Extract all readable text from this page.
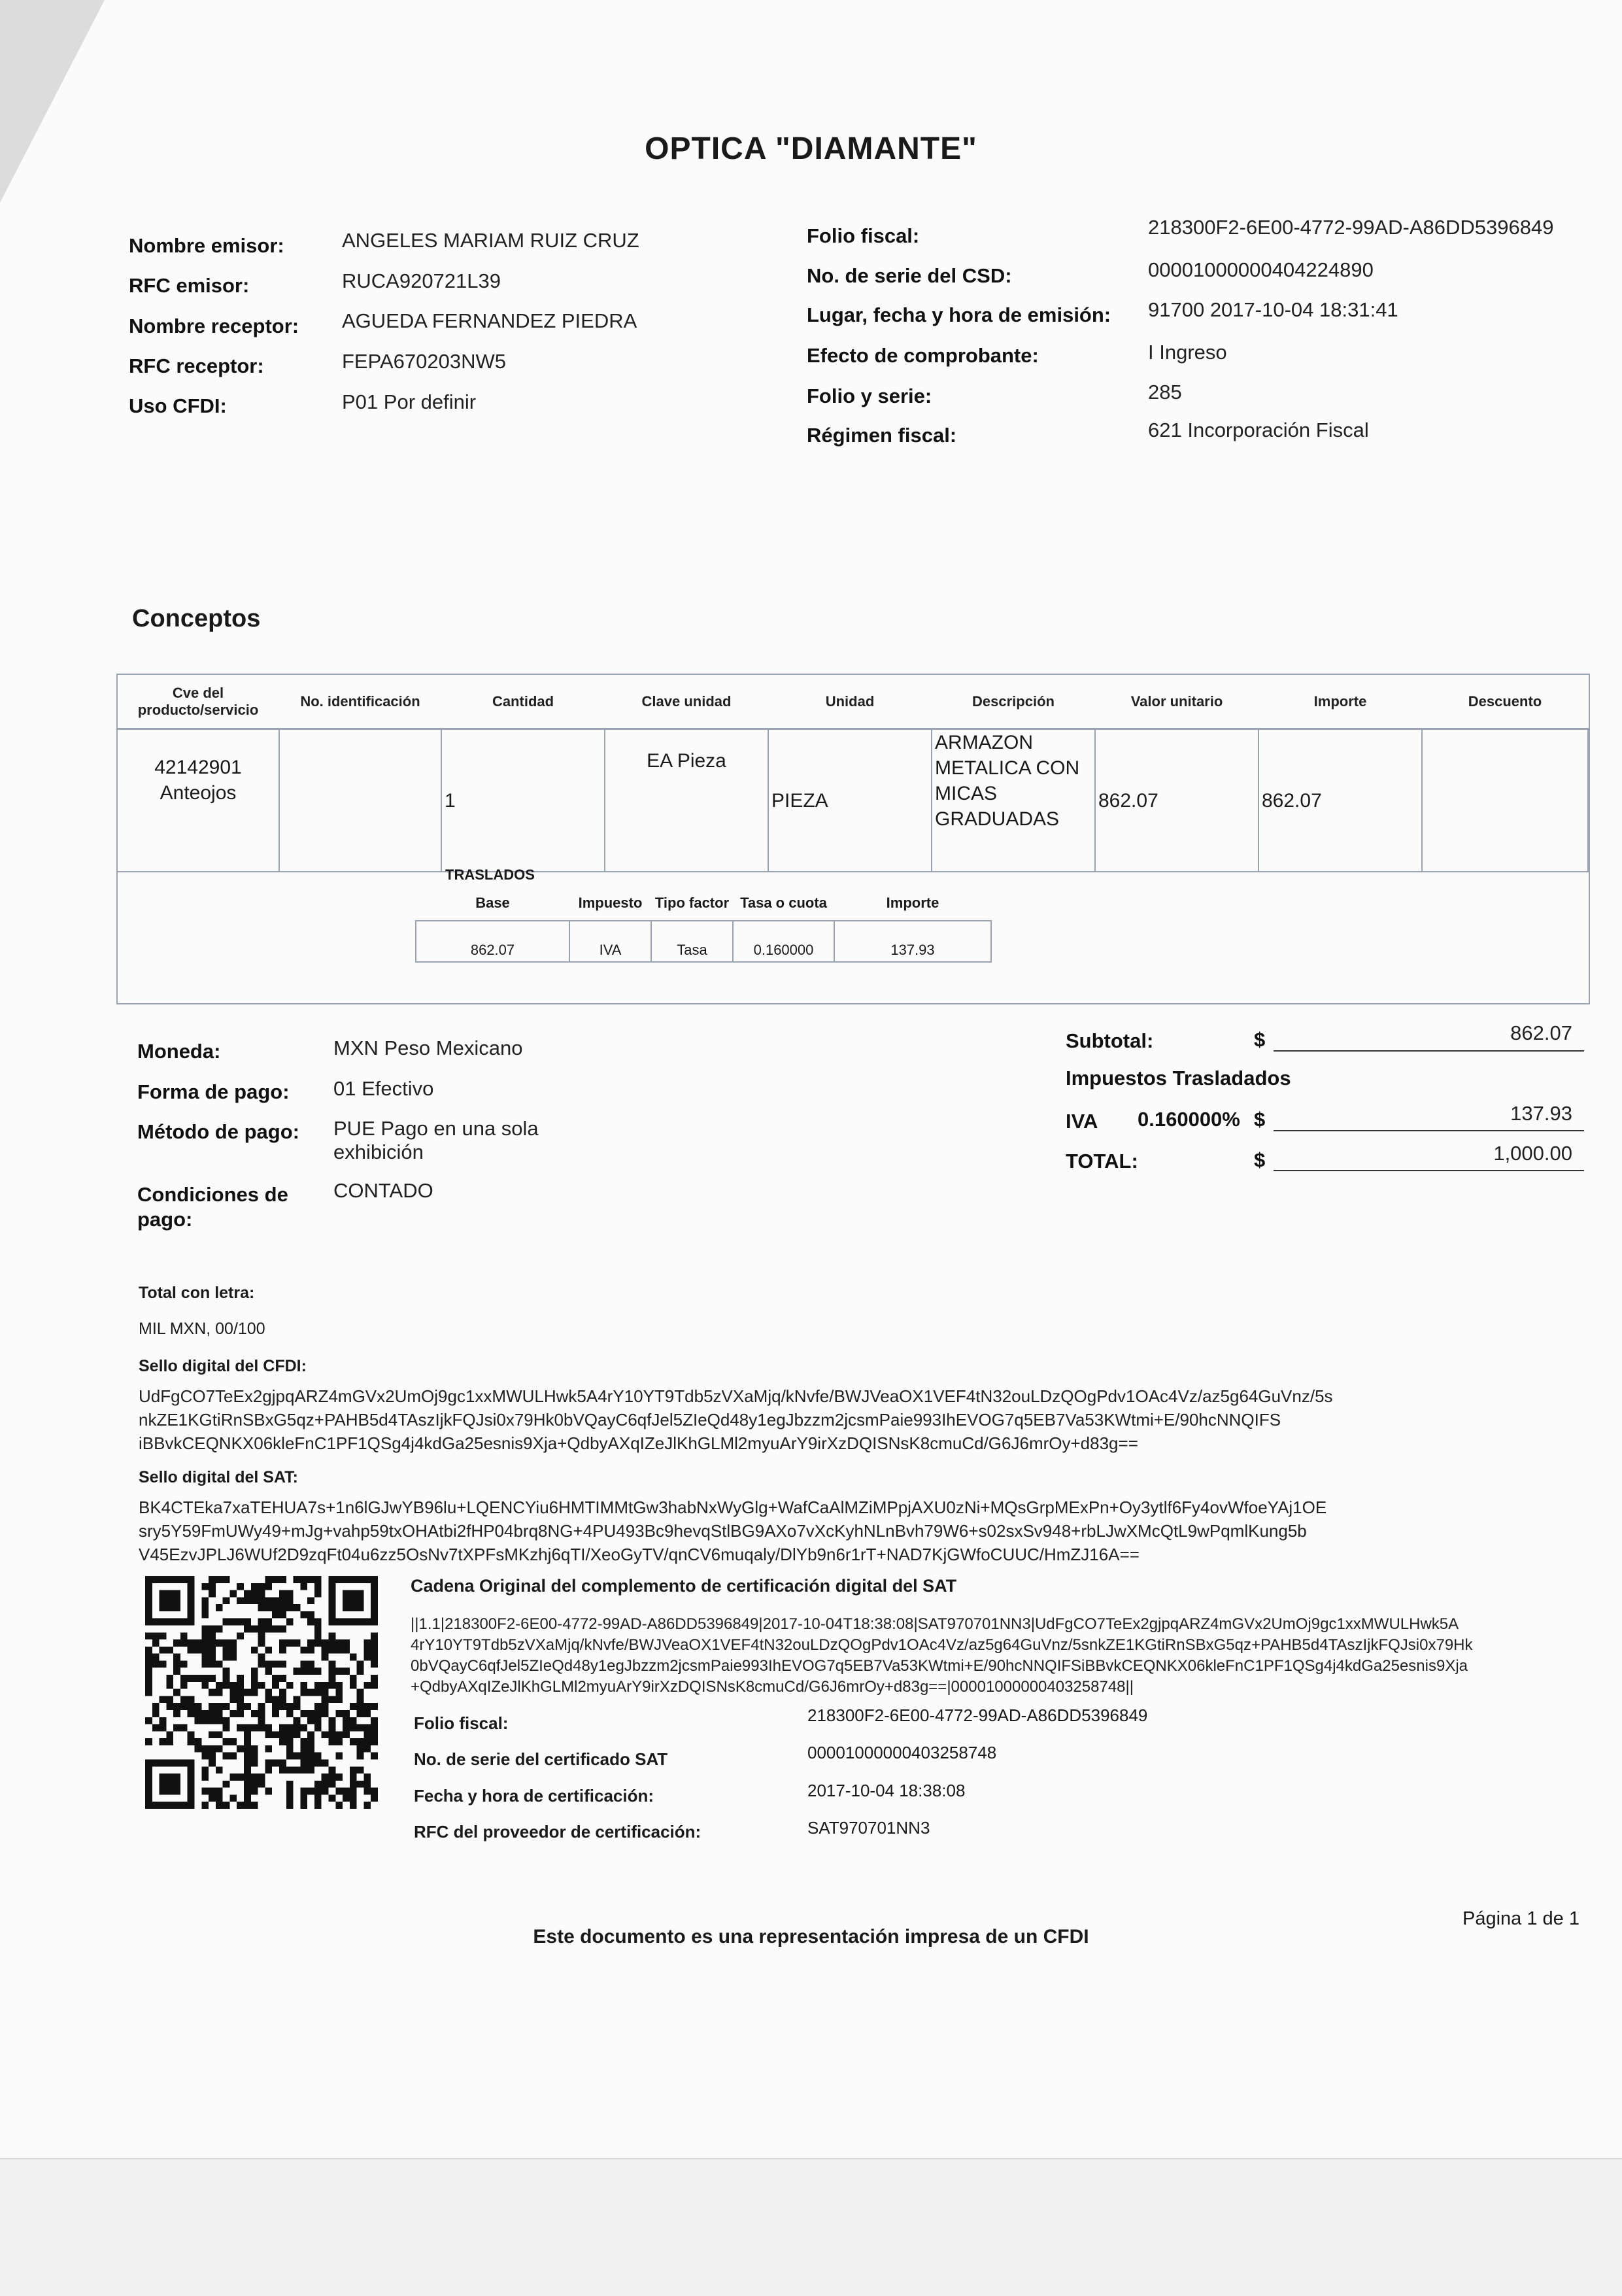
OPTICA "DIAMANTE"
Nombre emisor:	ANGELES MARIAM RUIZ CRUZ
RFC emisor:	RUCA920721L39
Nombre receptor: AGUEDA FERNANDEZ PIEDRA
RFC receptor:	FEPA670203NW5
Uso CFDI:	P01 Por definir
Folio fiscal:	218300F2-6E00-4772-99AD-A86DD5396849
No. de serie del CSD:	00001000000404224890
Lugar, fecha y hora de emisión: 91700 2017-10-04 18:31:41
Efecto de comprobante:	I Ingreso
Folio y serie:	285
Régimen fiscal:	621 Incorporación Fiscal
Conceptos
Cve del producto/servicio	No. identificación	Cantidad	Clave unidad	Unidad	Descripción	Valor unitario	Importe	Descuento

42142901
Anteojos		1	EA Pieza	PIEZA	ARMAZON METALICA CON MICAS GRADUADAS	862.07	862.07	
TRASLADOS
Base	Impuesto	Tipo factor	Tasa o cuota	Importe
862.07	IVA	Tasa	0.160000	137.93
Moneda:	MXN Peso Mexicano
Forma de pago: 01 Efectivo
Método de pago: PUE Pago en una sola exhibición
Condiciones de pago:
CONTADO
Subtotal:	$	862.07
Impuestos Trasladados
IVA 0.160000% $	137.93
TOTAL:	$	1,000.00
Total con letra:
MIL MXN, 00/100
Sello digital del CFDI:
UdFgCO7TeEx2gjpqARZ4mGVx2UmOj9gc1xxMWULHwk5A4rY10YT9Tdb5zVXaMjq/kNvfe/BWJVeaOX1VEF4tN32ouLDzQOgPdv1OAc4Vz/az5g64GuVnz/5s
nkZE1KGtiRnSBxG5qz+PAHB5d4TAszIjkFQJsi0x79Hk0bVQayC6qfJel5ZIeQd48y1egJbzzm2jcsmPaie993IhEVOG7q5EB7Va53KWtmi+E/90hcNNQIFS
iBBvkCEQNKX06kleFnC1PF1QSg4j4kdGa25esnis9Xja+QdbyAXqIZeJlKhGLMl2myuArY9irXzDQISNsK8cmuCd/G6J6mrOy+d83g==
Sello digital del SAT:
BK4CTEka7xaTEHUA7s+1n6lGJwYB96lu+LQENCYiu6HMTIMMtGw3habNxWyGlg+WafCaAlMZiMPpjAXU0zNi+MQsGrpMExPn+Oy3ytlf6Fy4ovWfoeYAj1OE
sry5Y59FmUWy49+mJg+vahp59txOHAtbi2fHP04brq8NG+4PU493Bc9hevqStlBG9AXo7vXcKyhNLnBvh79W6+s02sxSv948+rbLJwXMcQtL9wPqmlKung5b
V45EzvJPLJ6WUf2D9zqFt04u6zz5OsNv7tXPFsMKzhj6qTI/XeoGyTV/qnCV6muqaly/DlYb9n6r1rT+NAD7KjGWfoCUUC/HmZJ16A==
Cadena Original del complemento de certificación digital del SAT
||1.1|218300F2-6E00-4772-99AD-A86DD5396849|2017-10-04T18:38:08|SAT970701NN3|UdFgCO7TeEx2gjpqARZ4mGVx2UmOj9gc1xxMWULHwk5A
4rY10YT9Tdb5zVXaMjq/kNvfe/BWJVeaOX1VEF4tN32ouLDzQOgPdv1OAc4Vz/az5g64GuVnz/5snkZE1KGtiRnSBxG5qz+PAHB5d4TAszIjkFQJsi0x79Hk
0bVQayC6qfJel5ZIeQd48y1egJbzzm2jcsmPaie993IhEVOG7q5EB7Va53KWtmi+E/90hcNNQIFSiBBvkCEQNKX06kleFnC1PF1QSg4j4kdGa25esnis9Xja
+QdbyAXqIZeJlKhGLMl2myuArY9irXzDQISNsK8cmuCd/G6J6mrOy+d83g==|00001000000403258748||
Folio fiscal:	218300F2-6E00-4772-99AD-A86DD5396849
No. de serie del certificado SAT	00001000000403258748
Fecha y hora de certificación:	2017-10-04 18:38:08
RFC del proveedor de certificación:	SAT970701NN3
Página 1 de 1
Este documento es una representación impresa de un CFDI
